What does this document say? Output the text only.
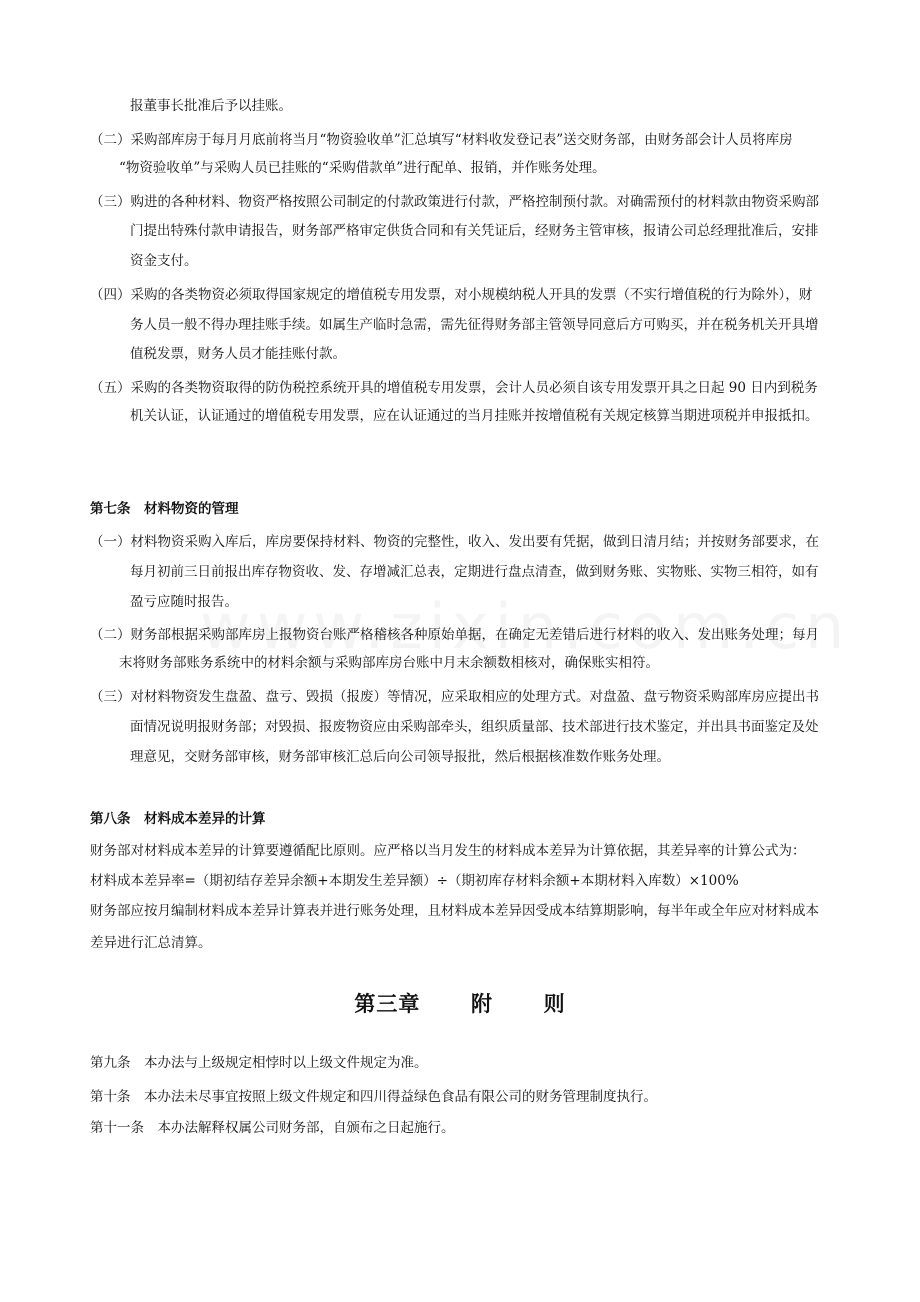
报董事长批准后予以挂账。
（二）采购部库房于每月月底前将当月“物资验收单”汇总填写“材料收发登记表”送交财务部，由财务部会计人员将库房
“物资验收单”与采购人员已挂账的“采购借款单”进行配单、报销，并作账务处理。
（三）购进的各种材料、物资严格按照公司制定的付款政策进行付款，严格控制预付款。对确需预付的材料款由物资采购部
门提出特殊付款申请报告，财务部严格审定供货合同和有关凭证后，经财务主管审核，报请公司总经理批准后，安排
资金支付。
（四）采购的各类物资必须取得国家规定的增值税专用发票，对小规模纳税人开具的发票（不实行增值税的行为除外），财
务人员一般不得办理挂账手续。如属生产临时急需，需先征得财务部主管领导同意后方可购买，并在税务机关开具增
值税发票，财务人员才能挂账付款。
（五）采购的各类物资取得的防伪税控系统开具的增值税专用发票，会计人员必须自该专用发票开具之日起 90 日内到税务
机关认证，认证通过的增值税专用发票，应在认证通过的当月挂账并按增值税有关规定核算当期进项税并申报抵扣。
第七条　材料物资的管理
（一）材料物资采购入库后，库房要保持材料、物资的完整性，收入、发出要有凭据，做到日清月结；并按财务部要求，在
每月初前三日前报出库存物资收、发、存增减汇总表，定期进行盘点清查，做到财务账、实物账、实物三相符，如有
盈亏应随时报告。
（二）财务部根据采购部库房上报物资台账严格稽核各种原始单据，在确定无差错后进行材料的收入、发出账务处理；每月
末将财务部账务系统中的材料余额与采购部库房台账中月末余额数相核对，确保账实相符。
（三）对材料物资发生盘盈、盘亏、毁损（报废）等情况，应采取相应的处理方式。对盘盈、盘亏物资采购部库房应提出书
面情况说明报财务部；对毁损、报废物资应由采购部牵头，组织质量部、技术部进行技术鉴定，并出具书面鉴定及处
理意见，交财务部审核，财务部审核汇总后向公司领导报批，然后根据核准数作账务处理。
第八条　材料成本差异的计算
财务部对材料成本差异的计算要遵循配比原则。应严格以当月发生的材料成本差异为计算依据，其差异率的计算公式为：
材料成本差异率=（期初结存差异余额+本期发生差异额）÷（期初库存材料余额+本期材料入库数）×100%
财务部应按月编制材料成本差异计算表并进行账务处理，且材料成本差异因受成本结算期影响，每半年或全年应对材料成本
差异进行汇总清算。
第三章 附 则
第九条　本办法与上级规定相悖时以上级文件规定为准。
第十条　本办法未尽事宜按照上级文件规定和四川得益绿色食品有限公司的财务管理制度执行。
第十一条　本办法解释权属公司财务部，自颁布之日起施行。
